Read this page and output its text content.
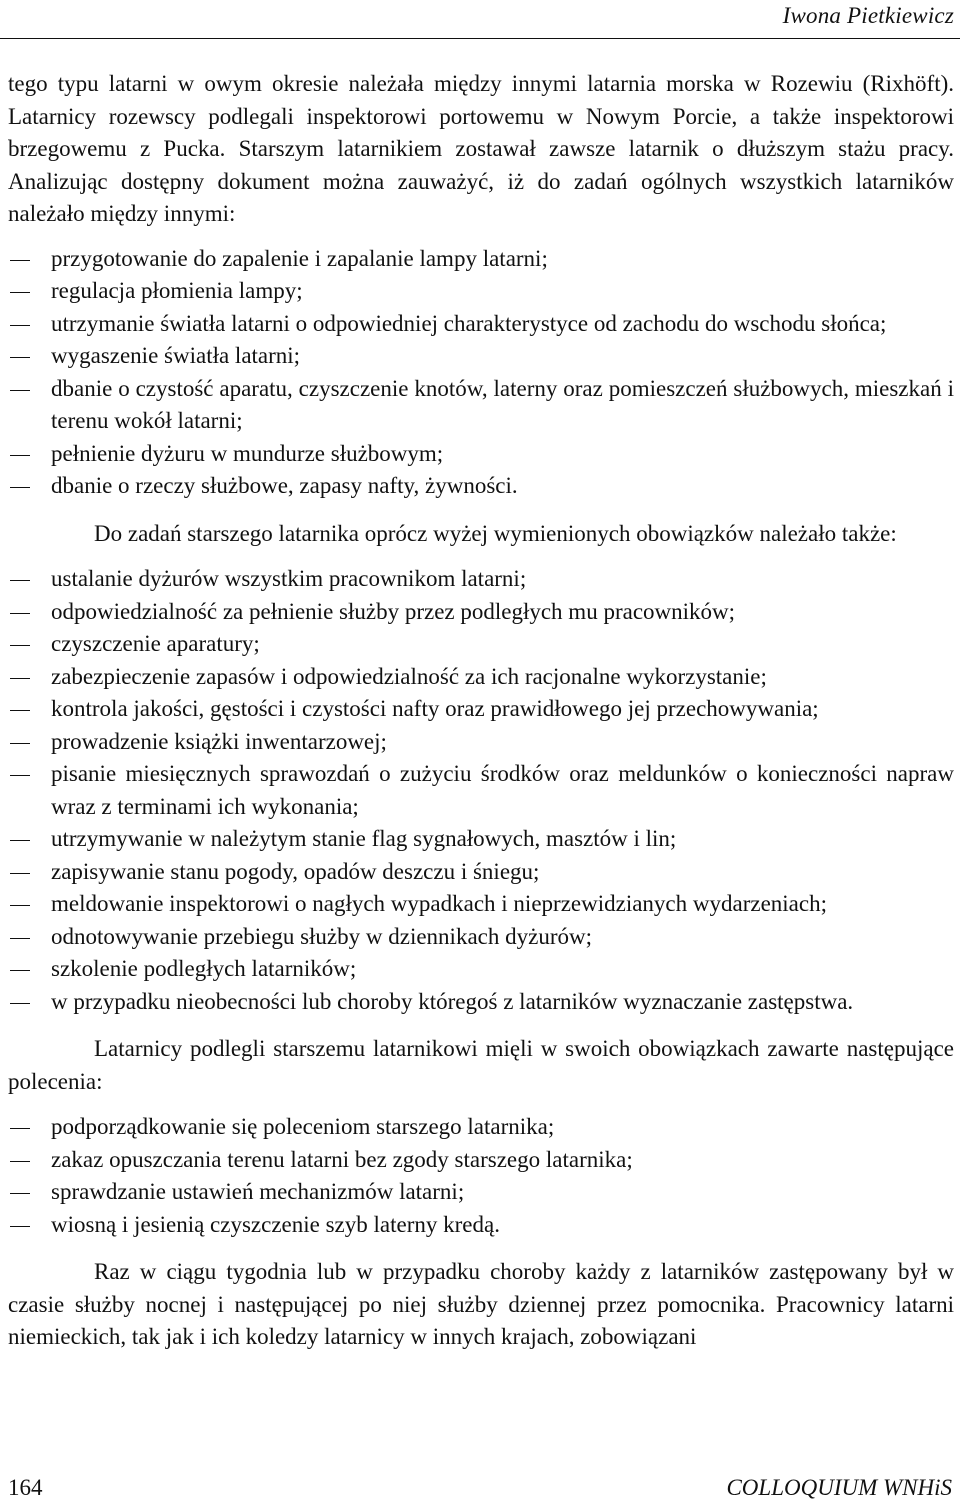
Iwona Pietkiewicz

tego typu latarni w owym okresie należała między innymi latarnia morska w Rozewiu (Rixhöft). Latarnicy rozewscy podlegali inspektorowi portowemu w Nowym Porcie, a także inspektorowi brzegowemu z Pucka. Starszym latarnikiem zostawał zawsze latarnik o dłuższym stażu pracy. Analizując dostępny dokument można zauważyć, iż do zadań ogólnych wszystkich latarników należało między innymi:

przygotowanie do zapalenie i zapalanie lampy latarni;
regulacja płomienia lampy;
utrzymanie światła latarni o odpowiedniej charakterystyce od zachodu do wschodu słońca;
wygaszenie światła latarni;
dbanie o czystość aparatu, czyszczenie knotów, laterny oraz pomieszczeń służbowych, mieszkań i terenu wokół latarni;
pełnienie dyżuru w mundurze służbowym;
dbanie o rzeczy służbowe, zapasy nafty, żywności.

Do zadań starszego latarnika oprócz wyżej wymienionych obowiązków należało także:

ustalanie dyżurów wszystkim pracownikom latarni;
odpowiedzialność za pełnienie służby przez podległych mu pracowników;
czyszczenie aparatury;
zabezpieczenie zapasów i odpowiedzialność za ich racjonalne wykorzystanie;
kontrola jakości, gęstości i czystości nafty oraz prawidłowego jej przechowywania;
prowadzenie książki inwentarzowej;
pisanie miesięcznych sprawozdań o zużyciu środków oraz meldunków o konieczności napraw wraz z terminami ich wykonania;
utrzymywanie w należytym stanie flag sygnałowych, masztów i lin;
zapisywanie stanu pogody, opadów deszczu i śniegu;
meldowanie inspektorowi o nagłych wypadkach i nieprzewidzianych wydarzeniach;
odnotowywanie przebiegu służby w dziennikach dyżurów;
szkolenie podległych latarników;
w przypadku nieobecności lub choroby któregoś z latarników wyznaczanie zastępstwa.

Latarnicy podlegli starszemu latarnikowi mięli w swoich obowiązkach zawarte następujące polecenia:

podporządkowanie się poleceniom starszego latarnika;
zakaz opuszczania terenu latarni bez zgody starszego latarnika;
sprawdzanie ustawień mechanizmów latarni;
wiosną i jesienią czyszczenie szyb laterny kredą.

Raz w ciągu tygodnia lub w przypadku choroby każdy z latarników zastępowany był w czasie służby nocnej i następującej po niej służby dziennej przez pomocnika. Pracownicy latarni niemieckich, tak jak i ich koledzy latarnicy w innych krajach, zobowiązani

164	COLLOQUIUM WNHiS
